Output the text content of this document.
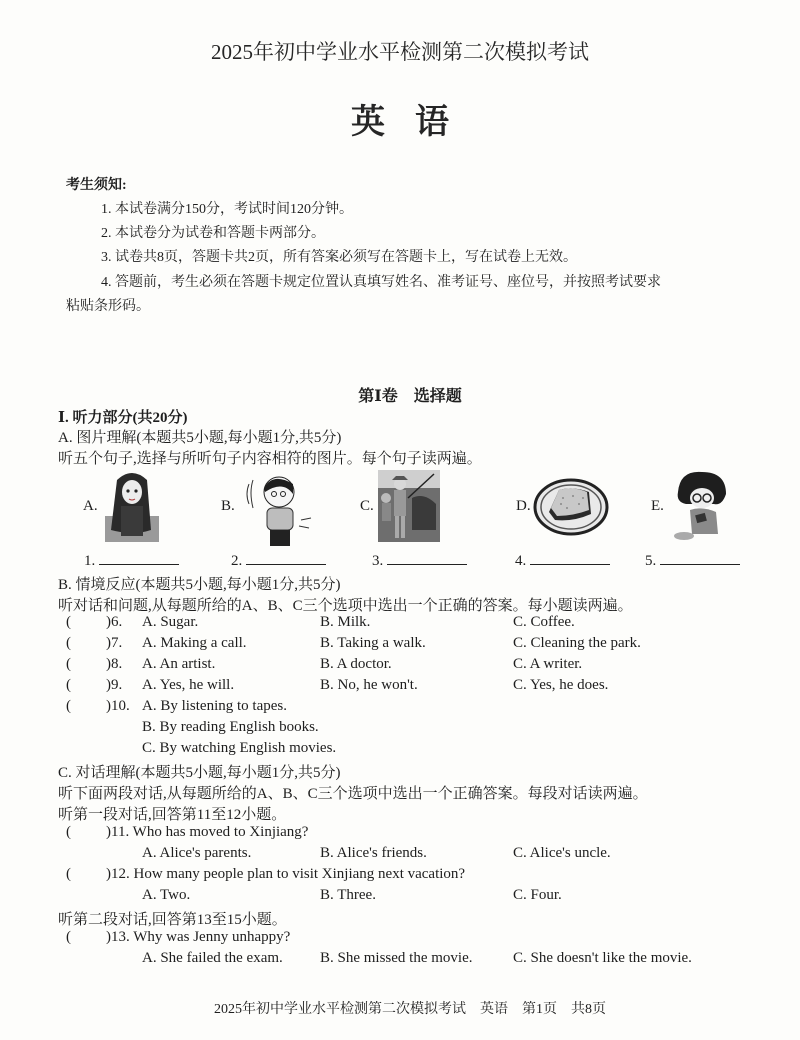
2025年初中学业水平检测第二次模拟考试
英语
考生须知:
1. 本试卷满分150分，考试时间120分钟。
2. 本试卷分为试卷和答题卡两部分。
3. 试卷共8页，答题卡共2页，所有答案必须写在答题卡上，写在试卷上无效。
4. 答题前，考生必须在答题卡规定位置认真填写姓名、准考证号、座位号，并按照考试要求
粘贴条形码。
第Ⅰ卷　选择题
Ⅰ. 听力部分(共20分)
A. 图片理解(本题共5小题,每小题1分,共5分)
听五个句子,选择与所听句子内容相符的图片。每个句子读两遍。
A.	B.	C.	D.	E.
1.	2.	3.	4.	5.
B. 情境反应(本题共5小题,每小题1分,共5分)
听对话和问题,从每题所给的A、B、C三个选项中选出一个正确的答案。每小题读两遍。
( )6. A. Sugar.	B. Milk.	C. Coffee.
( )7. A. Making a call.	B. Taking a walk.	C. Cleaning the park.
( )8. A. An artist.	B. A doctor.	C. A writer.
( )9. A. Yes, he will.	B. No, he won't.	C. Yes, he does.
( )10. A. By listening to tapes.
B. By reading English books.
C. By watching English movies.
C. 对话理解(本题共5小题,每小题1分,共5分)
听下面两段对话,从每题所给的A、B、C三个选项中选出一个正确答案。每段对话读两遍。
听第一段对话,回答第11至12小题。
( )11. Who has moved to Xinjiang?
A. Alice's parents.	B. Alice's friends.	C. Alice's uncle.
( )12. How many people plan to visit Xinjiang next vacation?
A. Two.	B. Three.	C. Four.
听第二段对话,回答第13至15小题。
( )13. Why was Jenny unhappy?
A. She failed the exam. B. She missed the movie.	C. She doesn't like the movie.
2025年初中学业水平检测第二次模拟考试　英语　第1页　共8页
